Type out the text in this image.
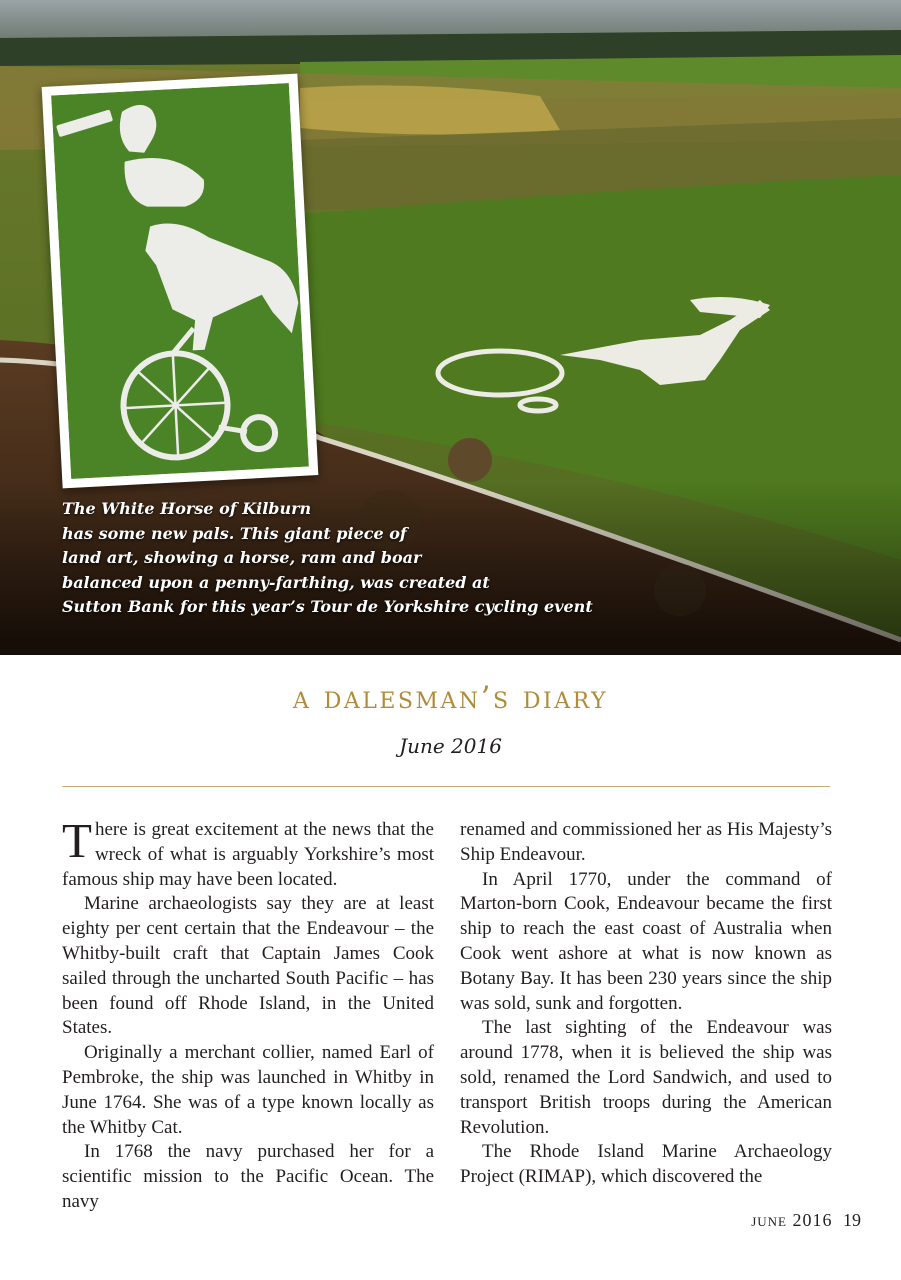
The White Horse of Kilburn
has some new pals. This giant piece of
land art, showing a horse, ram and boar
balanced upon a penny-farthing, was created at
Sutton Bank for this year’s Tour de Yorkshire cycling event
a dalesman’s diary
June 2016

There is great excitement at the news that the wreck of what is arguably Yorkshire’s most famous ship may have been located.

Marine archaeologists say they are at least eighty per cent certain that the Endeavour – the Whitby-built craft that Captain James Cook sailed through the uncharted South Pacific – has been found off Rhode Island, in the United States.

Originally a merchant collier, named Earl of Pembroke, the ship was launched in Whitby in June 1764. She was of a type known locally as the Whitby Cat.

In 1768 the navy purchased her for a scientific mission to the Pacific Ocean. The navy

renamed and commissioned her as His Majesty’s Ship Endeavour.

In April 1770, under the command of Marton-born Cook, Endeavour became the first ship to reach the east coast of Australia when Cook went ashore at what is now known as Botany Bay. It has been 230 years since the ship was sold, sunk and forgotten.

The last sighting of the Endeavour was around 1778, when it is believed the ship was sold, renamed the Lord Sandwich, and used to transport British troops during the American Revolution.

The Rhode Island Marine Archaeology Project (RIMAP), which discovered the

june 2016 19
